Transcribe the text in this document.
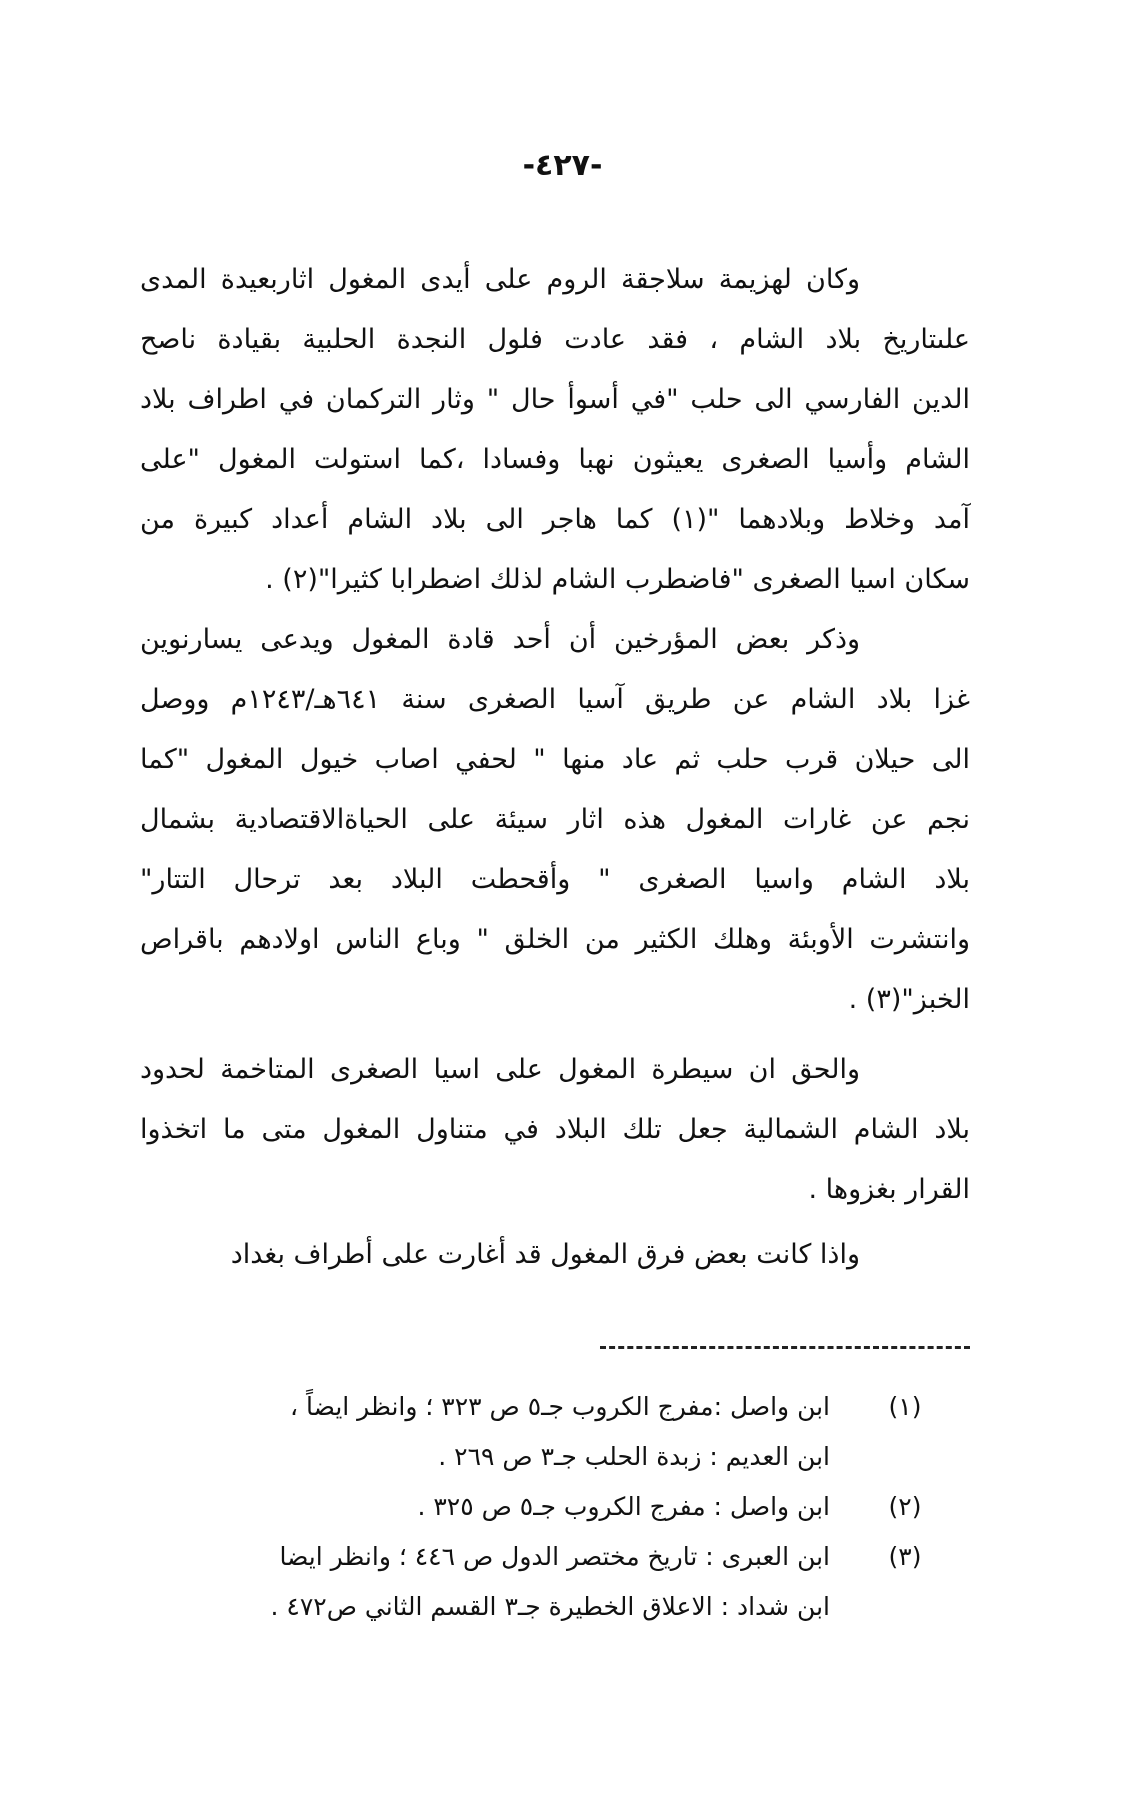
-٤٢٧-
وكان لهزيمة سلاجقة الروم على أيدى المغول اثاربعيدة المدى
علىتاريخ بلاد الشام ، فقد عادت فلول النجدة الحلبية بقيادة ناصح
الدين الفارسي الى حلب "في أسوأ حال " وثار التركمان في اطراف بلاد
الشام وأسيا الصغرى يعيثون نهبا وفسادا ،كما استولت المغول "على
آمد وخلاط وبلادهما "(١) كما هاجر الى بلاد الشام أعداد كبيرة من
سكان اسيا الصغرى "فاضطرب الشام لذلك اضطرابا كثيرا"(٢) .
وذكر بعض المؤرخين أن أحد قادة المغول ويدعى يسارنوين
غزا بلاد الشام عن طريق آسيا الصغرى سنة ٦٤١هـ/١٢٤٣م ووصل
الى حيلان قرب حلب ثم عاد منها " لحفي اصاب خيول المغول "كما
نجم عن غارات المغول هذه اثار سيئة على الحياةالاقتصادية بشمال
بلاد الشام واسيا الصغرى " وأقحطت البلاد بعد ترحال التتار"
وانتشرت الأوبئة وهلك الكثير من الخلق " وباع الناس اولادهم باقراص
الخبز"(٣) .
والحق ان سيطرة المغول على اسيا الصغرى المتاخمة لحدود
بلاد الشام الشمالية جعل تلك البلاد في متناول المغول متى ما اتخذوا
القرار بغزوها .
واذا كانت بعض فرق المغول قد أغارت على أطراف بغداد
(١)
ابن واصل :مفرج الكروب جـ٥ ص ٣٢٣ ؛ وانظر ايضاً ،
ابن العديم : زبدة الحلب جـ٣ ص ٢٦٩ .
(٢)
ابن واصل : مفرج الكروب جـ٥ ص ٣٢٥ .
(٣)
ابن العبرى : تاريخ مختصر الدول ص ٤٤٦ ؛ وانظر ايضا
ابن شداد : الاعلاق الخطيرة جـ٣ القسم الثاني ص٤٧٢ .
